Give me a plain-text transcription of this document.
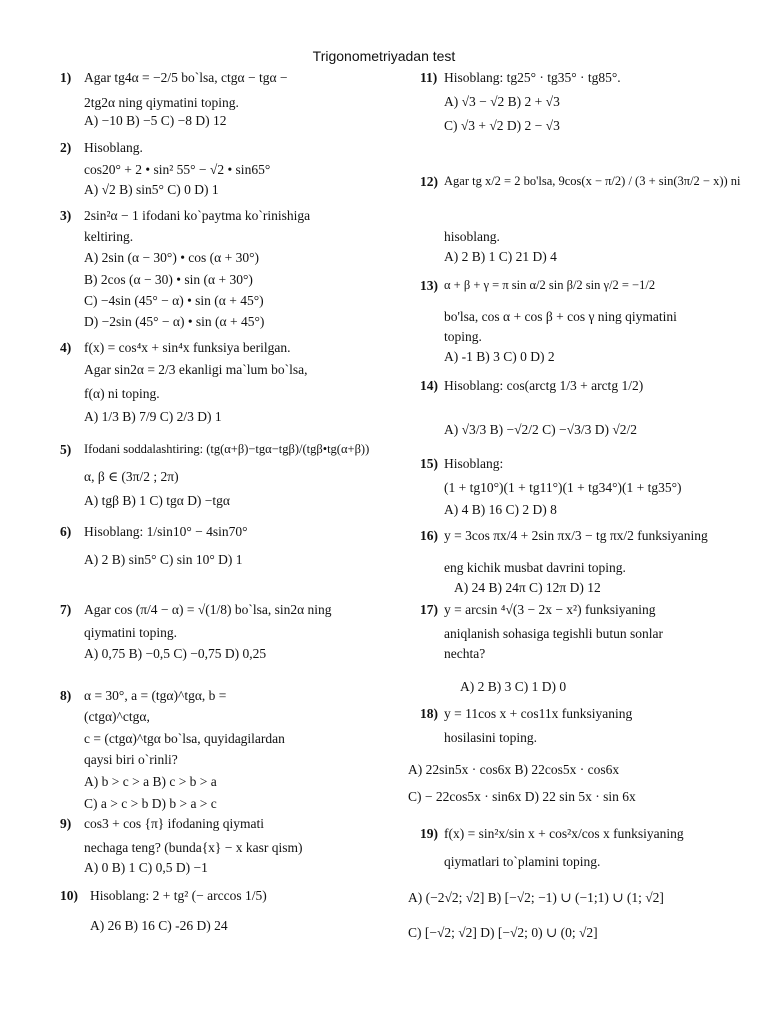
Trigonometriyadan test
1) Agar tg4α = −2/5 bo`lsa, ctgα − tgα −
2tg2α ning qiymatini toping.
A) −10 B) −5 C) −8 D) 12
2) Hisoblang.
cos20° + 2 • sin² 55° − √2 • sin65°
A) √2 B) sin5° C) 0 D) 1
3) 2sin²α − 1 ifodani ko`paytma ko`rinishiga
keltiring.
A) 2sin (α − 30°) • cos (α + 30°)
B) 2cos (α − 30) • sin (α + 30°)
C) −4sin (45° − α) • sin (α + 45°)
D) −2sin (45° − α) • sin (α + 45°)
4) f(x) = cos⁴x + sin⁴x funksiya berilgan.
Agar sin2α = 2/3 ekanligi ma`lum bo`lsa,
f(α) ni toping.
A) 1/3 B) 7/9 C) 2/3 D) 1
5) Ifodani soddalashtiring: (tg(α+β)−tgα−tgβ)/(tgβ•tg(α+β))
α, β ∈ (3π/2 ; 2π)
A) tgβ B) 1 C) tgα D) −tgα
6) Hisoblang: 1/sin10° − 4sin70°
A) 2 B) sin5° C) sin 10° D) 1
7) Agar cos (π/4 − α) = √(1/8) bo`lsa, sin2α ning
qiymatini toping.
A) 0,75 B) −0,5 C) −0,75 D) 0,25
8) α = 30°, a = (tgα)^tgα, b =
(ctgα)^ctgα,
c = (ctgα)^tgα bo`lsa, quyidagilardan
qaysi biri o`rinli?
A) b > c > a B) c > b > a
C) a > c > b D) b > a > c
9) cos3 + cos {π} ifodaning qiymati
nechaga teng? (bunda{x} − x kasr qism)
A) 0 B) 1 C) 0,5 D) −1
10) Hisoblang: 2 + tg² (− arccos 1/5)
A) 26 B) 16 C) -26 D) 24
11) Hisoblang: tg25° · tg35° · tg85°.
A) √3 − √2 B) 2 + √3
C) √3 + √2 D) 2 − √3
12) Agar tg x/2 = 2 bo'lsa, 9cos(x − π/2) / (3 + sin(3π/2 − x)) ni
hisoblang.
A) 2 B) 1 C) 21 D) 4
13) α + β + γ = π sin α/2 sin β/2 sin γ/2 = −1/2
bo'lsa, cos α + cos β + cos γ ning qiymatini
toping.
A) -1 B) 3 C) 0 D) 2
14) Hisoblang: cos(arctg 1/3 + arctg 1/2)
A) √3/3 B) −√2/2 C) −√3/3 D) √2/2
15) Hisoblang:
(1 + tg10°)(1 + tg11°)(1 + tg34°)(1 + tg35°)
A) 4 B) 16 C) 2 D) 8
16) y = 3cos πx/4 + 2sin πx/3 − tg πx/2 funksiyaning
eng kichik musbat davrini toping.
A) 24 B) 24π C) 12π D) 12
17) y = arcsin ⁴√(3 − 2x − x²) funksiyaning
aniqlanish sohasiga tegishli butun sonlar
nechta?
A) 2 B) 3 C) 1 D) 0
18) y = 11cos x + cos11x funksiyaning
hosilasini toping.
A) 22sin5x · cos6x B) 22cos5x · cos6x
C) − 22cos5x · sin6x D) 22 sin 5x · sin 6x
19) f(x) = sin²x/sin x + cos²x/cos x funksiyaning
qiymatlari to`plamini toping.
A) (−2√2; √2] B) [−√2; −1) ∪ (−1;1) ∪ (1; √2]
C) [−√2; √2] D) [−√2; 0) ∪ (0; √2]
